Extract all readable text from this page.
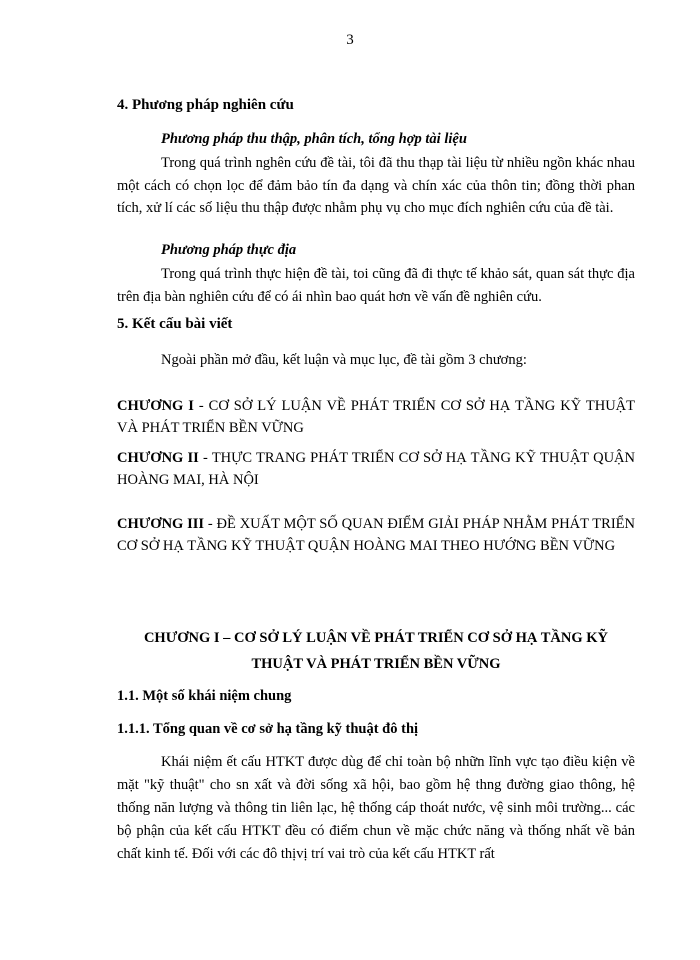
3
4. Phương pháp nghiên cứu
Phương pháp thu thập, phân tích, tổng hợp tài liệu

Trong quá trình nghên cứu đề tài, tôi đã thu thạp tài liệu từ nhiều ngồn khác nhau một cách có chọn lọc để đảm bảo tín đa dạng và chín xác của thôn tin; đồng thời phan tích, xử lí các số liệu thu thập được nhằm phụ vụ cho mục đích nghiên cứu của đề tài.

Phương pháp thực địa

Trong quá trình thực hiện đề tài, toi cũng đã đi thực tế khảo sát, quan sát thực địa trên địa bàn nghiên cứu để có ái nhìn bao quát hơn về vấn đề nghiên cứu.

5. Kết cấu bài viết

Ngoài phần mở đầu, kết luận và mục lục, đề tài gồm 3 chương:

CHƯƠNG I - CƠ SỞ LÝ LUẬN VỀ PHÁT TRIỂN CƠ SỞ HẠ TẦNG KỸ THUẬT VÀ PHÁT TRIỂN BỀN VỮNG
CHƯƠNG II - THỰC TRANG PHÁT TRIỂN CƠ SỞ HẠ TẦNG KỸ THUẬT QUẬN HOÀNG MAI, HÀ NỘI
CHƯƠNG III - ĐỀ XUẤT MỘT SỐ QUAN ĐIỂM GIẢI PHÁP NHẰM PHÁT TRIỂN CƠ SỞ HẠ TẦNG KỸ THUẬT QUẬN HOÀNG MAI THEO HƯỚNG BỀN VỮNG
CHƯƠNG I – CƠ SỞ LÝ LUẬN VỀ PHÁT TRIỂN CƠ SỞ HẠ TẦNG KỸ
THUẬT VÀ PHÁT TRIỂN BỀN VỮNG
1.1. Một số khái niệm chung
1.1.1. Tổng quan về cơ sở hạ tầng kỹ thuật đô thị

Khái niệm ết cấu HTKT được dùg để chỉ toàn bộ nhữn lĩnh vực tạo điều kiện về mặt "kỹ thuật" cho sn xất và đời sống xã hội, bao gồm hệ thng đường giao thông, hệ thống năn lượng và thông tin liên lạc, hệ thống cáp thoát nước, vệ sinh môi trường... các bộ phận của kết cấu HTKT đều có điểm chun về mặc chức năng và thống nhất về bản chất kinh tế. Đối với các đô thịvị trí vai trò của kết cấu HTKT rất
